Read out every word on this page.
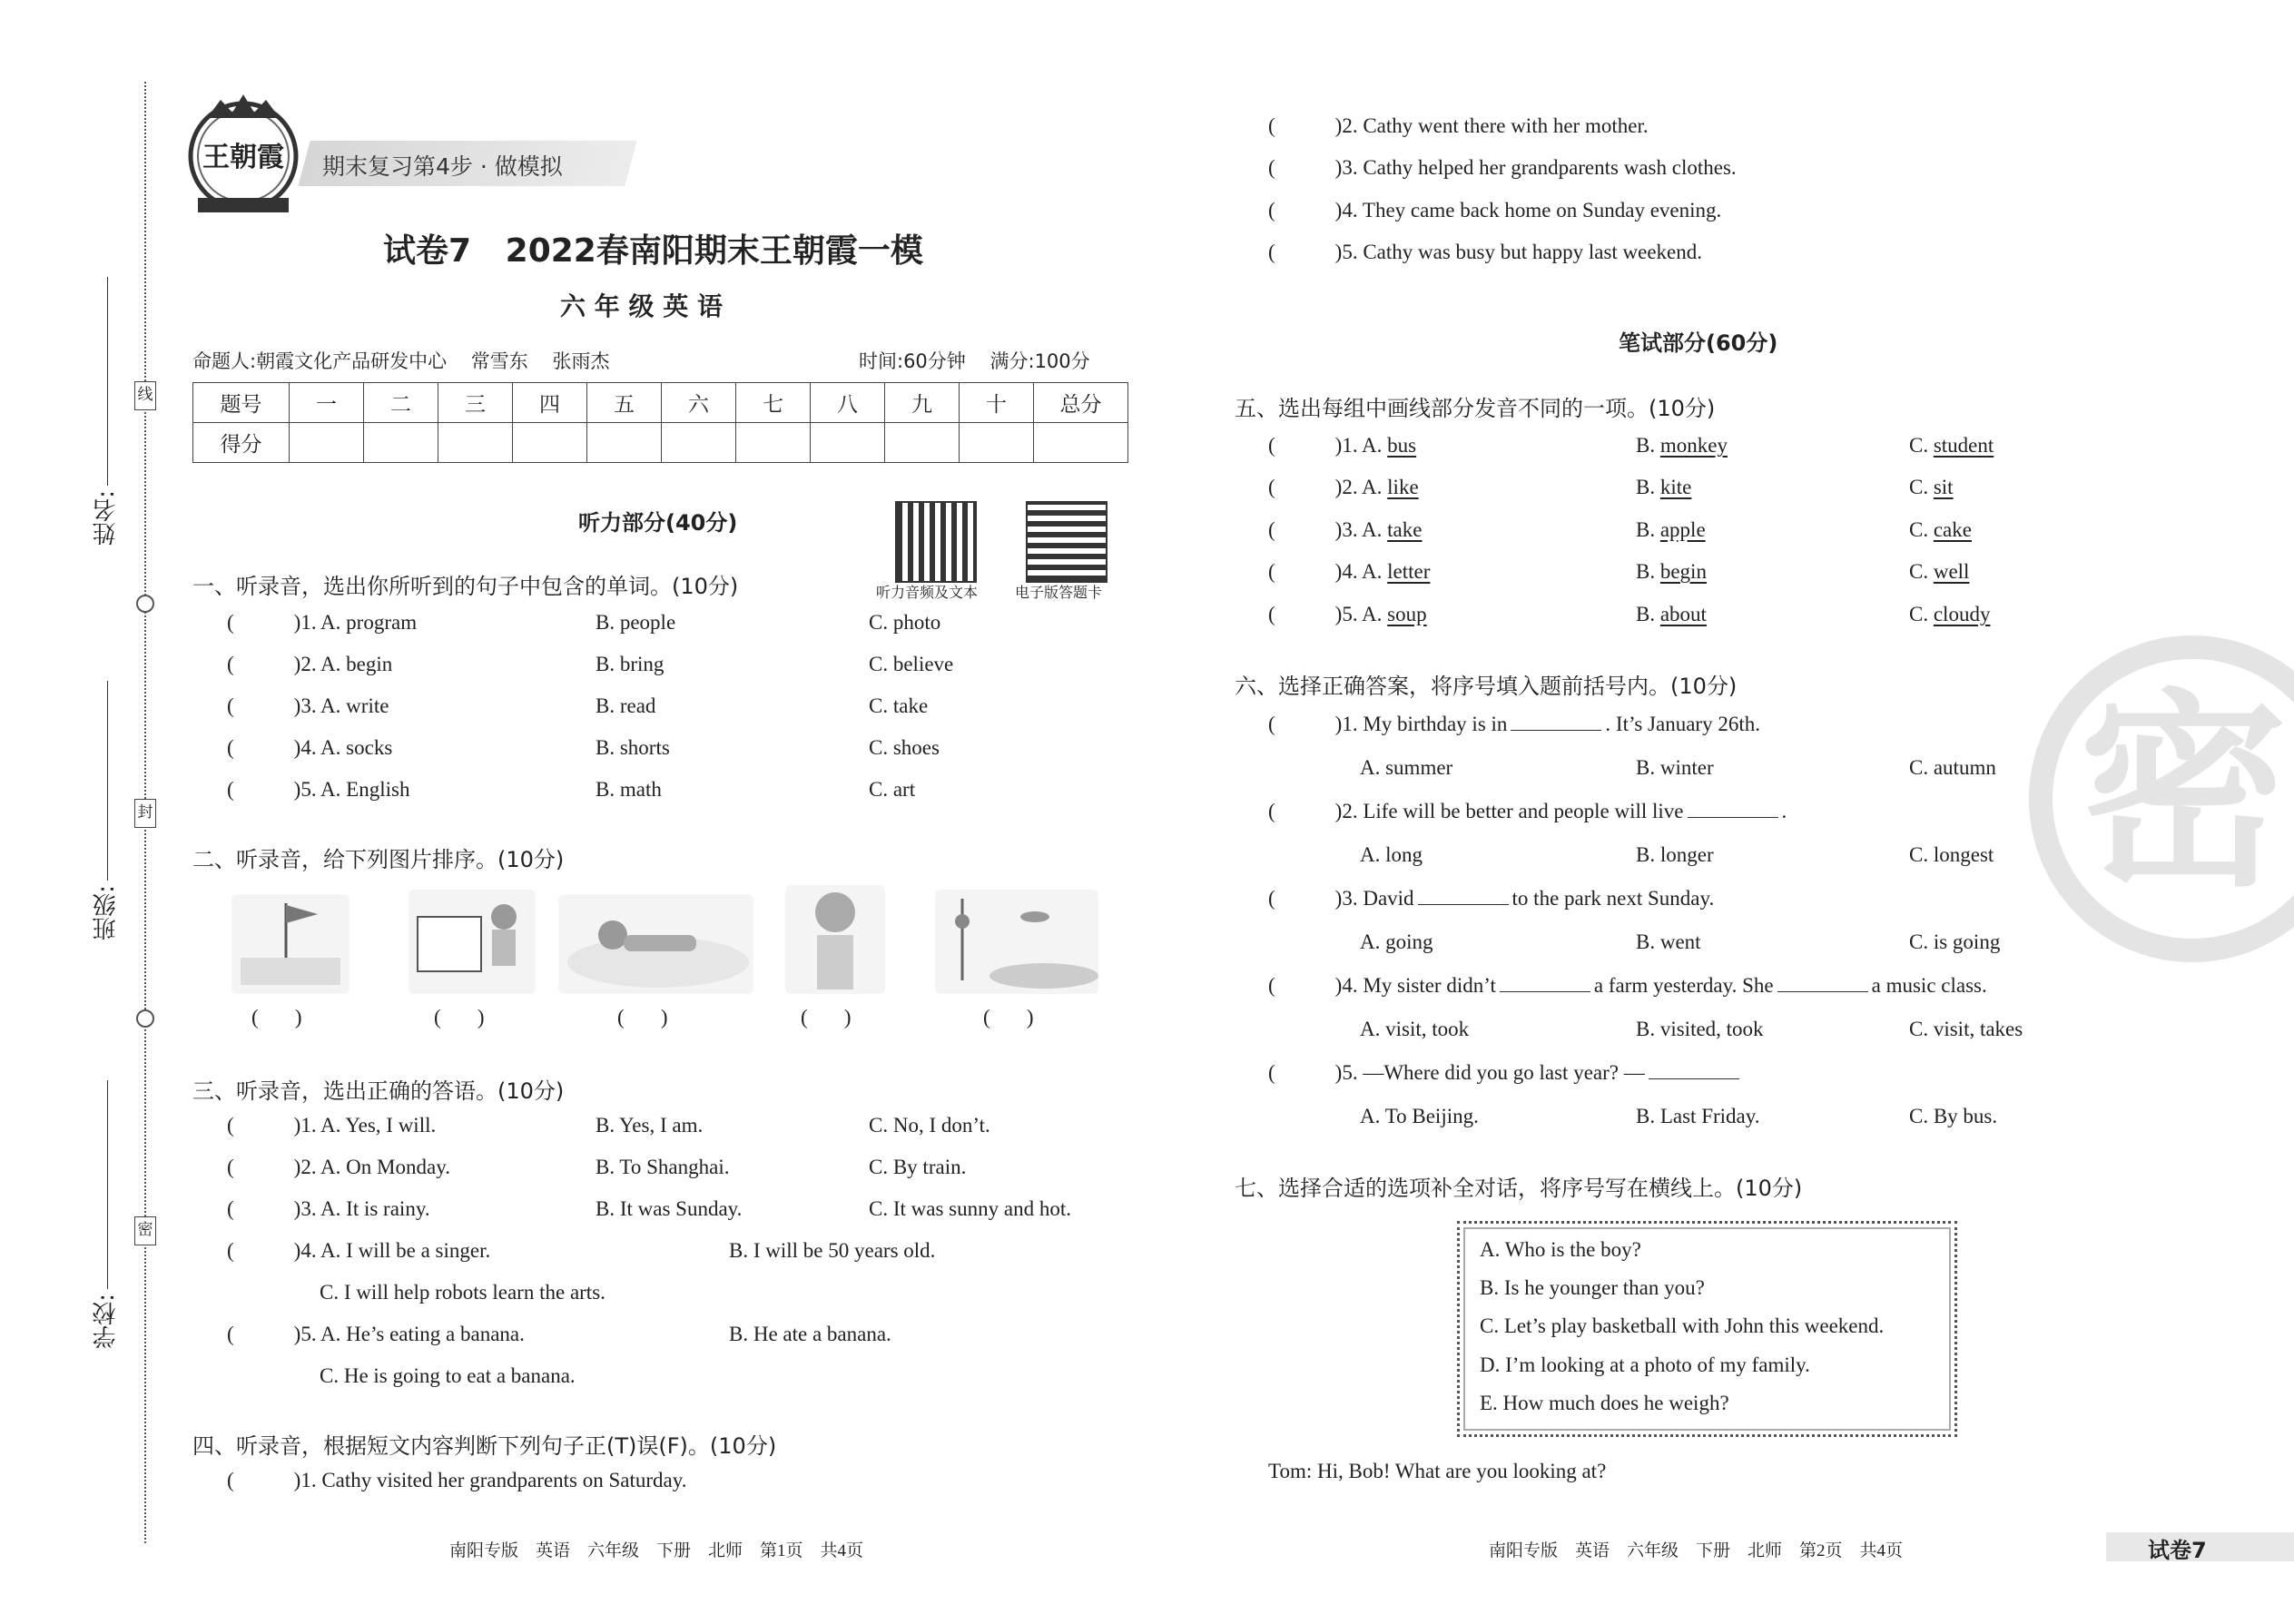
线
封
密
姓名:
班级:
学校:
王朝霞	期末复习第4步 · 做模拟
试卷7   2022春南阳期末王朝霞一模
六 年 级 英 语
命题人:朝霞文化产品研发中心    常雪东    张雨杰	时间:60分钟    满分:100分
题号	一	二	三	四	五	六	七	八	九	十	总分
得分											
听力部分(40分)
听力音频及文本	电子版答题卡
一、听录音，选出你所听到的句子中包含的单词。(10分)
(	)1. A. program	B. people	C. photo
(	)2. A. begin	B. bring	C. believe
(	)3. A. write	B. read	C. take
(	)4. A. socks	B. shorts	C. shoes
(	)5. A. English	B. math	C. art
二、听录音，给下列图片排序。(10分)
(       )	(       )	(       )	(       )	(       )
三、听录音，选出正确的答语。(10分)
(	)1. A. Yes, I will.	B. Yes, I am.	C. No, I don’t.
(	)2. A. On Monday.	B. To Shanghai.	C. By train.
(	)3. A. It is rainy.	B. It was Sunday.	C. It was sunny and hot.
(	)4. A. I will be a singer.	B. I will be 50 years old.
C. I will help robots learn the arts.
(	)5. A. He’s eating a banana.	B. He ate a banana.
C. He is going to eat a banana.
四、听录音，根据短文内容判断下列句子正(T)误(F)。(10分)
(	)1. Cathy visited her grandparents on Saturday.
(	)2. Cathy went there with her mother.
(	)3. Cathy helped her grandparents wash clothes.
(	)4. They came back home on Sunday evening.
(	)5. Cathy was busy but happy last weekend.
笔试部分(60分)
五、选出每组中画线部分发音不同的一项。(10分)
(	)1. A. bus	B. monkey	C. student
(	)2. A. like	B. kite	C. sit
(	)3. A. take	B. apple	C. cake
(	)4. A. letter	B. begin	C. well
(	)5. A. soup	B. about	C. cloudy
六、选择正确答案，将序号填入题前括号内。(10分)
(	)1. My birthday is in	. It’s January 26th.
A. summer	B. winter	C. autumn
(	)2. Life will be better and people will live	.
A. long	B. longer	C. longest
(	)3. David	to the park next Sunday.
A. going	B. went	C. is going
(	)4. My sister didn’t	a farm yesterday. She	a music class.
A. visit, took	B. visited, took	C. visit, takes
(	)5. —Where did you go last year? —
A. To Beijing.	B. Last Friday.	C. By bus.
七、选择合适的选项补全对话，将序号写在横线上。(10分)
A. Who is the boy?
B. Is he younger than you?
C. Let’s play basketball with John this weekend.
D. I’m looking at a photo of my family.
E. How much does he weigh?
Tom: Hi, Bob! What are you looking at?
密
南阳专版    英语    六年级    下册    北师    第1页    共4页	南阳专版    英语    六年级    下册    北师    第2页    共4页	试卷7
